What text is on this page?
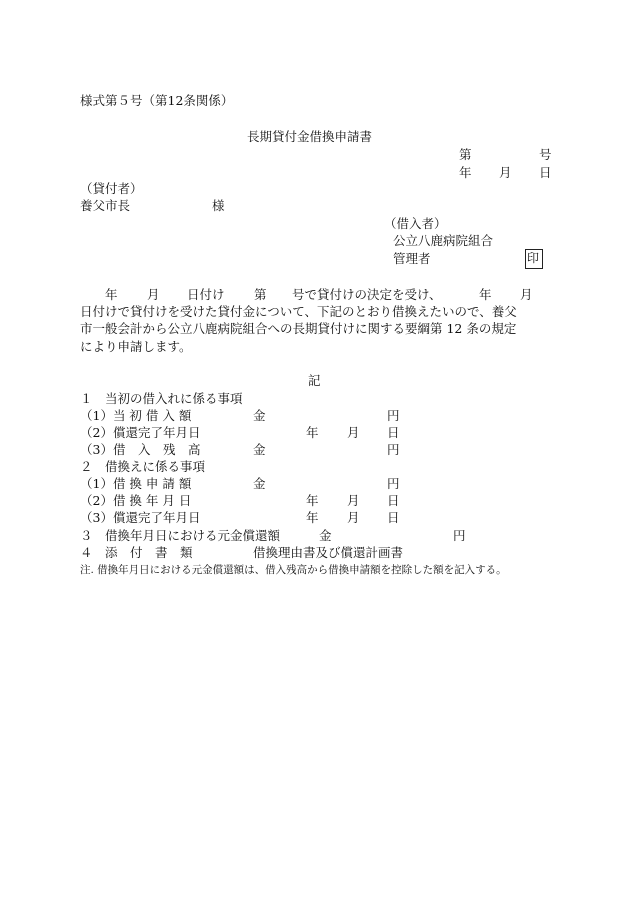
様式第５号（第12条関係）
長期貸付金借換申請書
第	号
年 月 日
（貸付者）
養父市長	様
（借入者）
公立八鹿病院組合
管理者	印
年 月 日付け 第 号で貸付けの決定を受け、	年 月
日付けで貸付けを受けた貸付金について、下記のとおり借換えたいので、養父
市一般会計から公立八鹿病院組合への長期貸付けに関する要綱第 12 条の規定
により申請します。
記
１　当初の借入れに係る事項
（1）当 初 借 入 額	金	円
（2）償還完了年月日	年 月 日
（3）借　入　残　高	金	円
２　借換えに係る事項
（1）借 換 申 請 額	金	円
（2）借 換 年 月 日	年 月 日
（3）償還完了年月日	年 月 日
３　借換年月日における元金償還額	金	円
４　添　付　書　類	借換理由書及び償還計画書
注. 借換年月日における元金償還額は、借入残高から借換申請額を控除した額を記入する。
